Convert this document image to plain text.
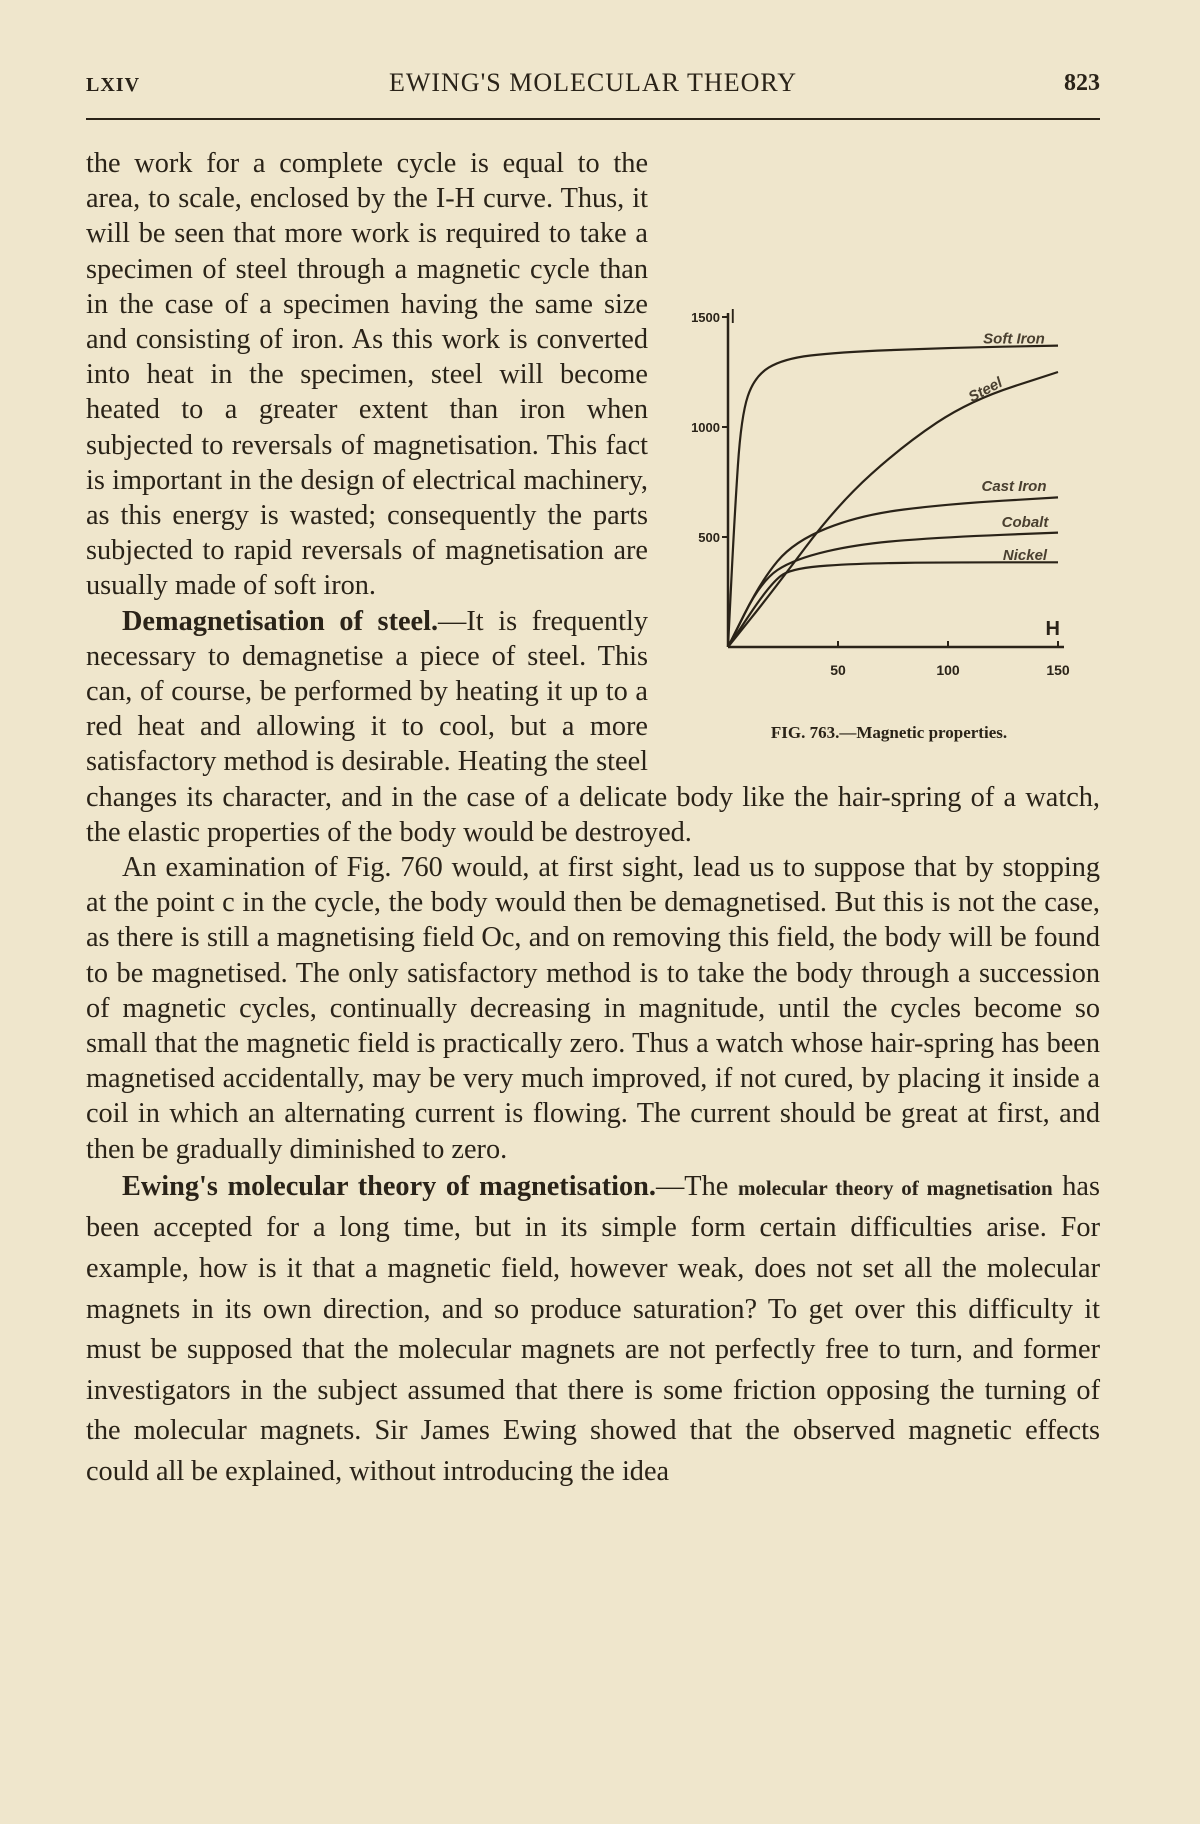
LXIV	EWING'S MOLECULAR THEORY	823
H
I
50	100	150
500
1000
1500
Soft Iron
Steel
Cast Iron
Cobalt
Nickel
FIG. 763.—Magnetic properties.

the work for a complete cycle is equal to the area, to scale, enclosed by the I-H curve. Thus, it will be seen that more work is required to take a specimen of steel through a magnetic cycle than in the case of a specimen having the same size and consisting of iron. As this work is converted into heat in the specimen, steel will become heated to a greater extent than iron when subjected to reversals of magnetisation. This fact is important in the design of electrical machinery, as this energy is wasted; consequently the parts subjected to rapid reversals of magnetisation are usually made of soft iron.

Demagnetisation of steel.—It is frequently necessary to demagnetise a piece of steel. This can, of course, be performed by heating it up to a red heat and allowing it to cool, but a more satisfactory method is desirable. Heating the steel changes its character, and in the case of a delicate body like the hair-spring of a watch, the elastic properties of the body would be destroyed.

An examination of Fig. 760 would, at first sight, lead us to suppose that by stopping at the point c in the cycle, the body would then be demagnetised. But this is not the case, as there is still a magnetising field Oc, and on removing this field, the body will be found to be magnetised. The only satisfactory method is to take the body through a succession of magnetic cycles, continually decreasing in magnitude, until the cycles become so small that the magnetic field is practically zero. Thus a watch whose hair-spring has been magnetised accidentally, may be very much improved, if not cured, by placing it inside a coil in which an alternating current is flowing. The current should be great at first, and then be gradually diminished to zero.

Ewing's molecular theory of magnetisation.—The molecular theory of magnetisation has been accepted for a long time, but in its simple form certain difficulties arise. For example, how is it that a magnetic field, however weak, does not set all the molecular magnets in its own direction, and so produce saturation? To get over this difficulty it must be supposed that the molecular magnets are not perfectly free to turn, and former investigators in the subject assumed that there is some friction opposing the turning of the molecular magnets. Sir James Ewing showed that the observed magnetic effects could all be explained, without introducing the idea
